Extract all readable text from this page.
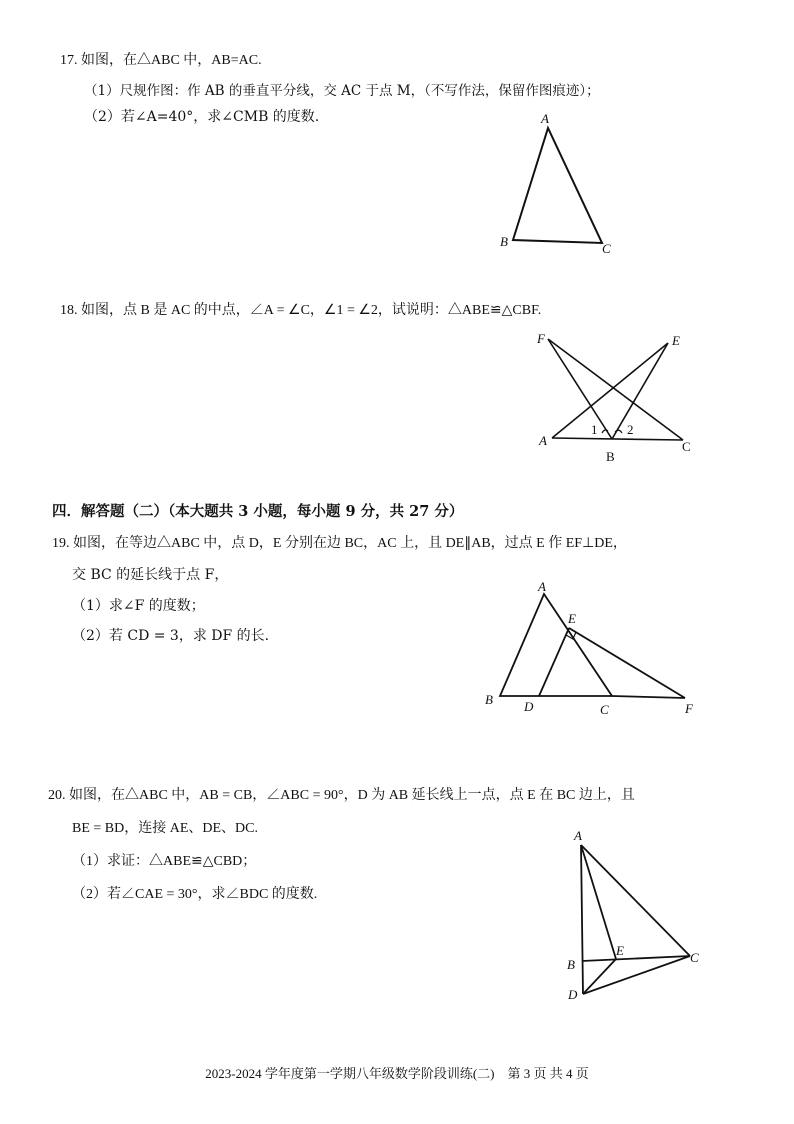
17. 如图，在△ABC 中，AB=AC.
（1）尺规作图：作 AB 的垂直平分线，交 AC 于点 M，（不写作法，保留作图痕迹）；
（2）若∠A=40°，求∠CMB 的度数.	A
B	C
18. 如图，点 B 是 AC 的中点，∠A = ∠C，∠1 = ∠2，试说明：△ABE≌△CBF.
F	E
A
B
C
1 2
四．解答题（二）（本大题共 3 小题，每小题 9 分，共 27 分）
19. 如图，在等边△ABC 中，点 D，E 分别在边 BC，AC 上，且 DE∥AB，过点 E 作 EF⊥DE，
交 BC 的延长线于点 F，
（1）求∠F 的度数；
（2）若 CD = 3，求 DF 的长.
A
E
B D	C	F
20. 如图，在△ABC 中，AB = CB，∠ABC = 90°，D 为 AB 延长线上一点，点 E 在 BC 边上，且
BE = BD，连接 AE、DE、DC.
（1）求证：△ABE≌△CBD；
（2）若∠CAE = 30°，求∠BDC 的度数.
A
B
E	C
D
2023-2024 学年度第一学期八年级数学阶段训练(二) 第 3 页 共 4 页
